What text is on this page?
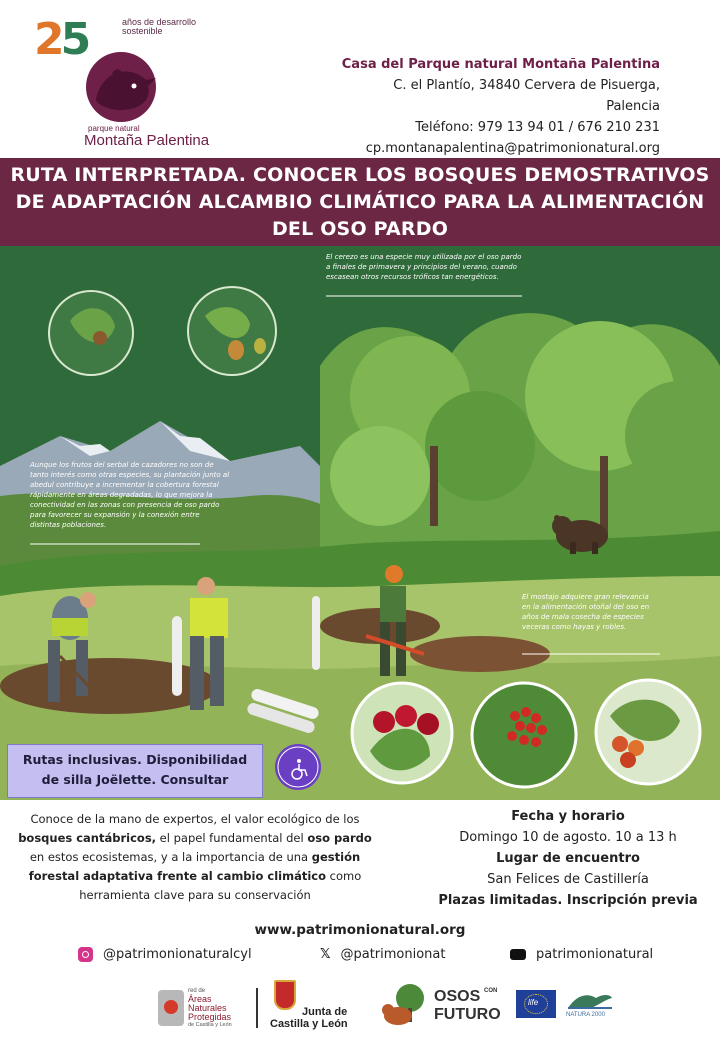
25	años de desarrollo sostenible
parque natural
Montaña Palentina
Casa del Parque natural Montaña Palentina
C. el Plantío, 34840 Cervera de Pisuerga,
Palencia
Teléfono: 979 13 94 01 / 676 210 231
cp.montanapalentina@patrimonionatural.org
RUTA INTERPRETADA. CONOCER LOS BOSQUES DEMOSTRATIVOS
DE ADAPTACIÓN ALCAMBIO CLIMÁTICO PARA LA ALIMENTACIÓN
DEL OSO PARDO
El cerezo es una especie muy utilizada por el oso pardo a finales de primavera y principios del verano, cuando escasean otros recursos tróficos tan energéticos.
Aunque los frutos del serbal de cazadores no son de tanto interés como otras especies, su plantación junto al abedul contribuye a incrementar la cobertura forestal rápidamente en áreas degradadas, lo que mejora la conectividad en las zonas con presencia de oso pardo para favorecer su expansión y la conexión entre distintas poblaciones.
El mostajo adquiere gran relevancia en la alimentación otoñal del oso en años de mala cosecha de especies veceras como hayas y robles.
Rutas inclusivas. Disponibilidad
de silla Joëlette. Consultar
Conoce de la mano de expertos, el valor ecológico de los bosques cantábricos, el papel fundamental del oso pardo en estos ecosistemas, y a la importancia de una gestión forestal adaptativa frente al cambio climático como herramienta clave para su conservación
Fecha y horario
Domingo 10 de agosto. 10 a 13 h
Lugar de encuentro
San Felices de Castillería
Plazas limitadas. Inscripción previa
www.patrimonionatural.org
@patrimonionaturalcyl	𝕏 @patrimonionat	patrimonionatural
red de
Áreas Naturales Protegidas
de Castilla y León
Junta de
Castilla y León
OSOS CON
FUTURO
life
NATURA 2000
